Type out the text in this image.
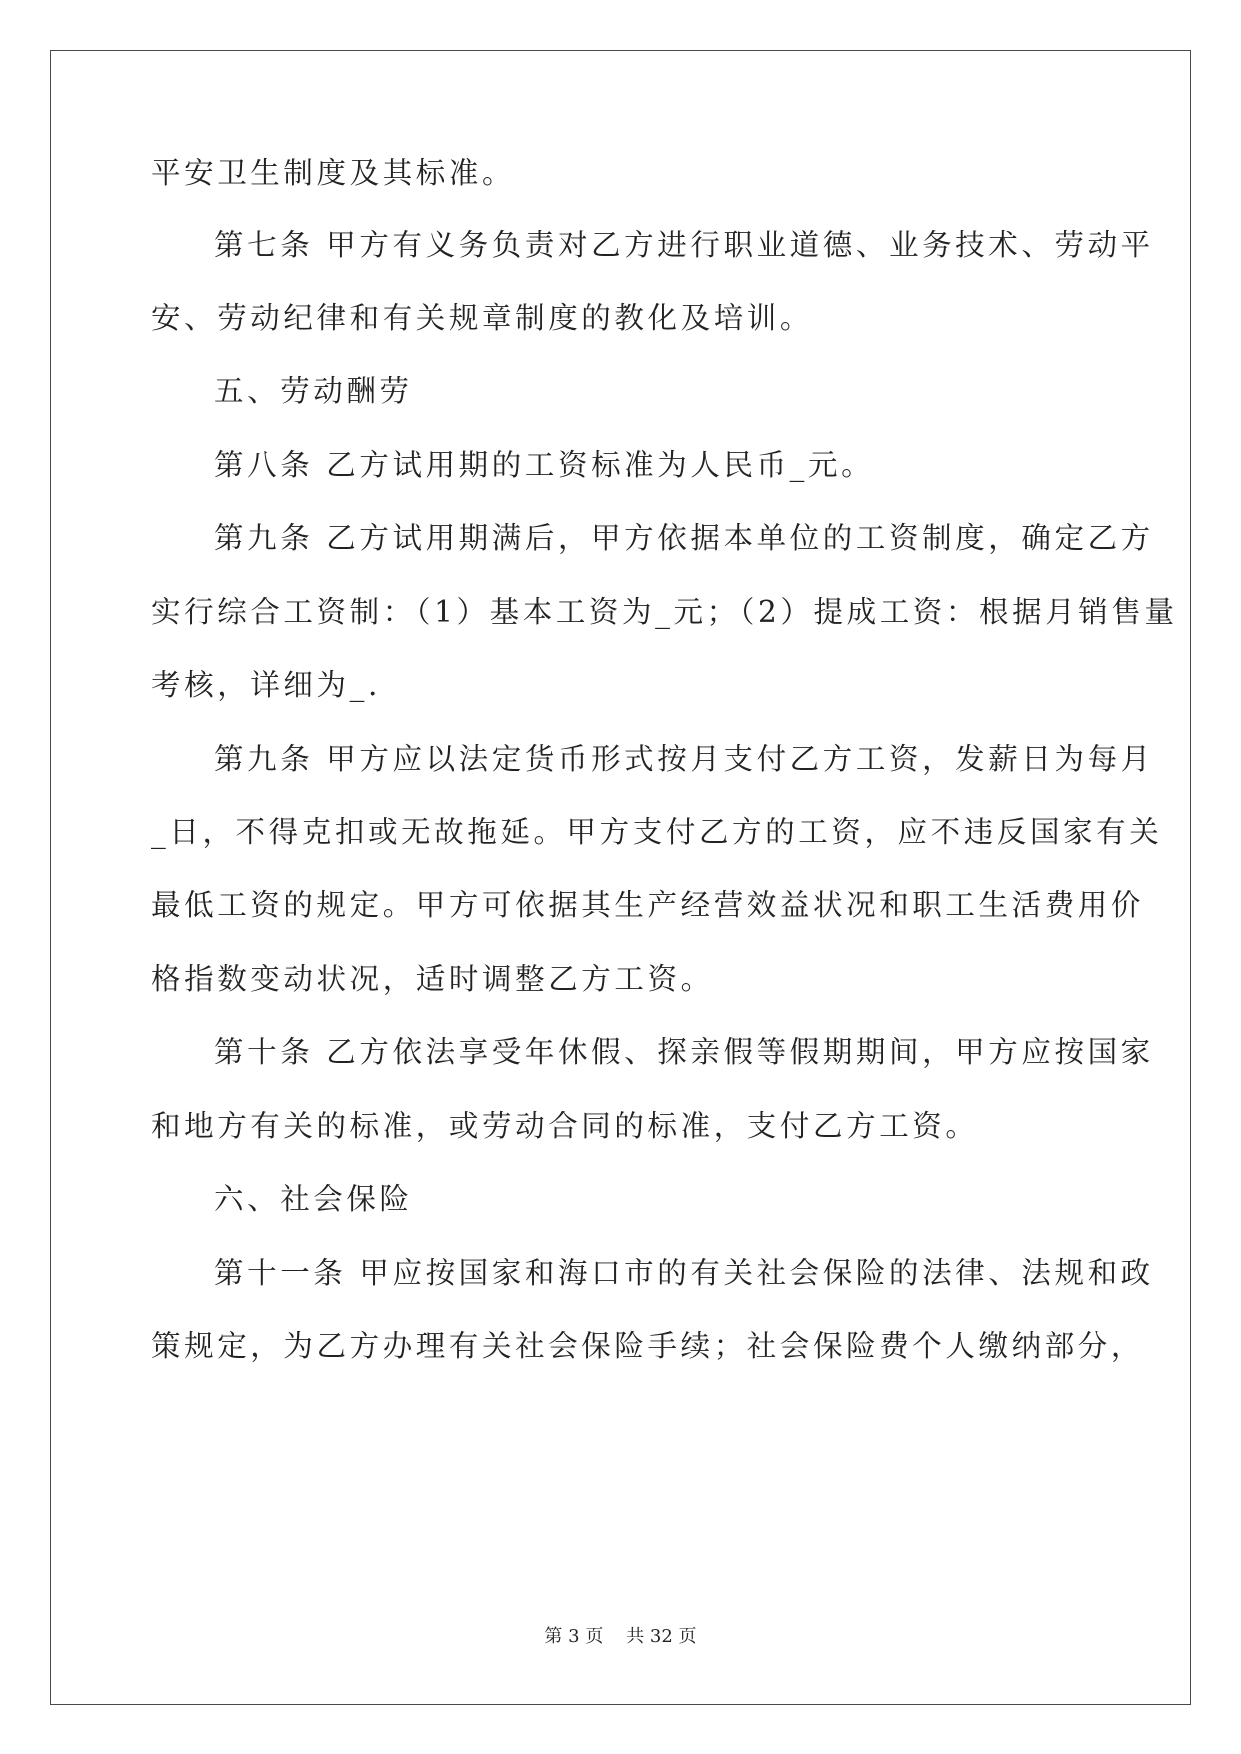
平安卫生制度及其标准。
第七条 甲方有义务负责对乙方进行职业道德、业务技术、劳动平
安、劳动纪律和有关规章制度的教化及培训。
五、劳动酬劳
第八条 乙方试用期的工资标准为人民币_元。
第九条 乙方试用期满后，甲方依据本单位的工资制度，确定乙方
实行综合工资制：（1）基本工资为_元；（2）提成工资：根据月销售量
考核，详细为_.
第九条 甲方应以法定货币形式按月支付乙方工资，发薪日为每月
_日，不得克扣或无故拖延。甲方支付乙方的工资，应不违反国家有关
最低工资的规定。甲方可依据其生产经营效益状况和职工生活费用价
格指数变动状况，适时调整乙方工资。
第十条 乙方依法享受年休假、探亲假等假期期间，甲方应按国家
和地方有关的标准，或劳动合同的标准，支付乙方工资。
六、社会保险
第十一条 甲应按国家和海口市的有关社会保险的法律、法规和政
策规定，为乙方办理有关社会保险手续；社会保险费个人缴纳部分，
第 3 页    共 32 页
